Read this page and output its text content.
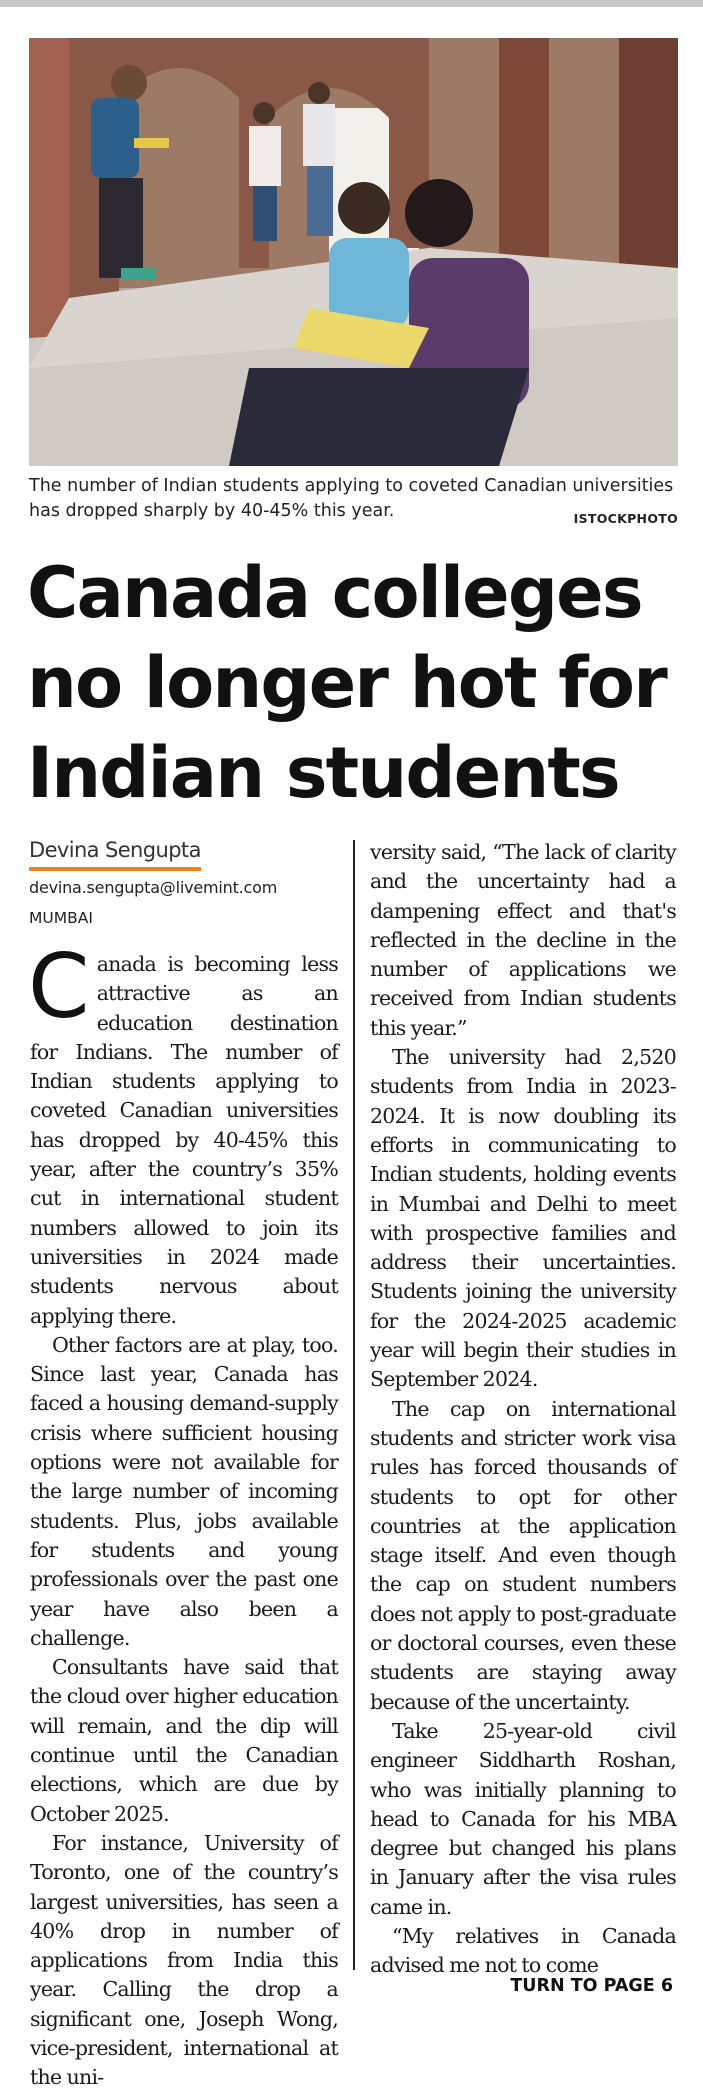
The number of Indian students applying to coveted Canadian universities has dropped sharply by 40-45% this year.	ISTOCKPHOTO
Canada colleges no longer hot for Indian students
Devina Sengupta
devina.sengupta@livemint.com
MUMBAI

Canada is becoming less attractive as an education destination for Indians. The number of Indian students applying to coveted Canadian universities has dropped by 40-45% this year, after the country’s 35% cut in international student numbers allowed to join its universities in 2024 made students nervous about applying there.

Other factors are at play, too. Since last year, Canada has faced a housing demand-supply crisis where sufficient housing options were not available for the large number of incoming students. Plus, jobs available for students and young professionals over the past one year have also been a challenge.

Consultants have said that the cloud over higher education will remain, and the dip will continue until the Canadian elections, which are due by October 2025.

For instance, University of Toronto, one of the country’s largest universities, has seen a 40% drop in number of applications from India this year. Calling the drop a significant one, Joseph Wong, vice-president, international at the uni-

versity said, “The lack of clarity and the uncertainty had a dampening effect and that's reflected in the decline in the number of applications we received from Indian students this year.”

The university had 2,520 students from India in 2023-2024. It is now doubling its efforts in communicating to Indian students, holding events in Mumbai and Delhi to meet with prospective families and address their uncertainties. Students joining the university for the 2024-2025 academic year will begin their studies in September 2024.

The cap on international students and stricter work visa rules has forced thousands of students to opt for other countries at the application stage itself. And even though the cap on student numbers does not apply to post-graduate or doctoral courses, even these students are staying away because of the uncertainty.

Take 25-year-old civil engineer Siddharth Roshan, who was initially planning to head to Canada for his MBA degree but changed his plans in January after the visa rules came in.

“My relatives in Canada advised me not to come

TURN TO PAGE 6
